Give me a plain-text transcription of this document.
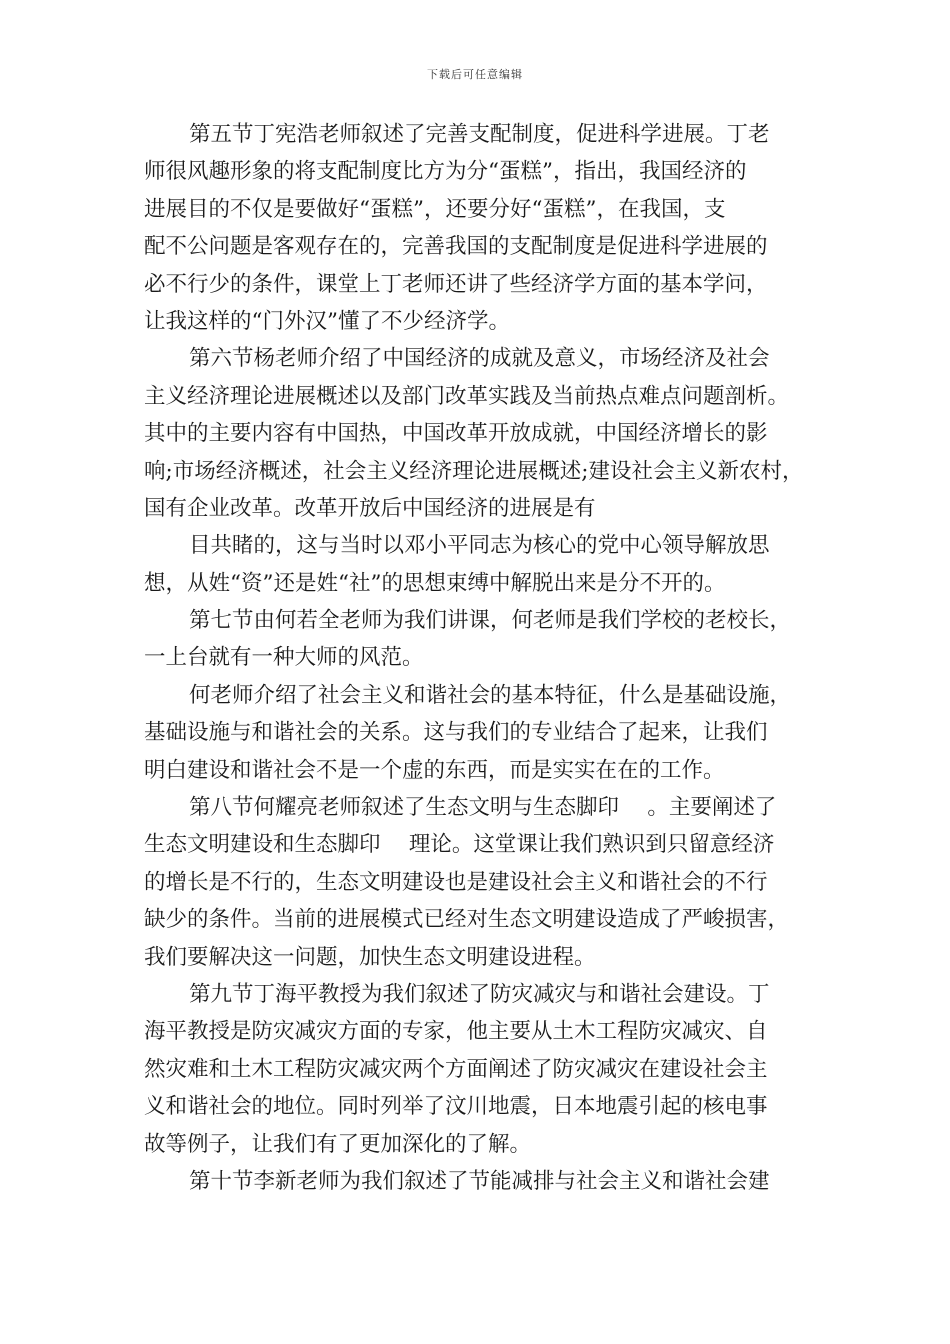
下载后可任意编辑
第五节丁宪浩老师叙述了完善支配制度，促进科学进展。丁老
师很风趣形象的将支配制度比方为分“蛋糕”，指出，我国经济的
进展目的不仅是要做好“蛋糕”，还要分好“蛋糕”，在我国，支
配不公问题是客观存在的，完善我国的支配制度是促进科学进展的
必不行少的条件，课堂上丁老师还讲了些经济学方面的基本学问，
让我这样的“门外汉”懂了不少经济学。
第六节杨老师介绍了中国经济的成就及意义，市场经济及社会
主义经济理论进展概述以及部门改革实践及当前热点难点问题剖析。
其中的主要内容有中国热，中国改革开放成就，中国经济增长的影
响;市场经济概述，社会主义经济理论进展概述;建设社会主义新农村，
国有企业改革。改革开放后中国经济的进展是有
目共睹的，这与当时以邓小平同志为核心的党中心领导解放思
想，从姓“资”还是姓“社”的思想束缚中解脱出来是分不开的。
第七节由何若全老师为我们讲课，何老师是我们学校的老校长，
一上台就有一种大师的风范。
何老师介绍了社会主义和谐社会的基本特征，什么是基础设施，
基础设施与和谐社会的关系。这与我们的专业结合了起来，让我们
明白建设和谐社会不是一个虚的东西，而是实实在在的工作。
第八节何耀亮老师叙述了生态文明与生态脚印　 。主要阐述了
生态文明建设和生态脚印　 理论。这堂课让我们熟识到只留意经济
的增长是不行的，生态文明建设也是建设社会主义和谐社会的不行
缺少的条件。当前的进展模式已经对生态文明建设造成了严峻损害，
我们要解决这一问题，加快生态文明建设进程。
第九节丁海平教授为我们叙述了防灾减灾与和谐社会建设。丁
海平教授是防灾减灾方面的专家，他主要从土木工程防灾减灾、自
然灾难和土木工程防灾减灾两个方面阐述了防灾减灾在建设社会主
义和谐社会的地位。同时列举了汶川地震，日本地震引起的核电事
故等例子，让我们有了更加深化的了解。
第十节李新老师为我们叙述了节能减排与社会主义和谐社会建
